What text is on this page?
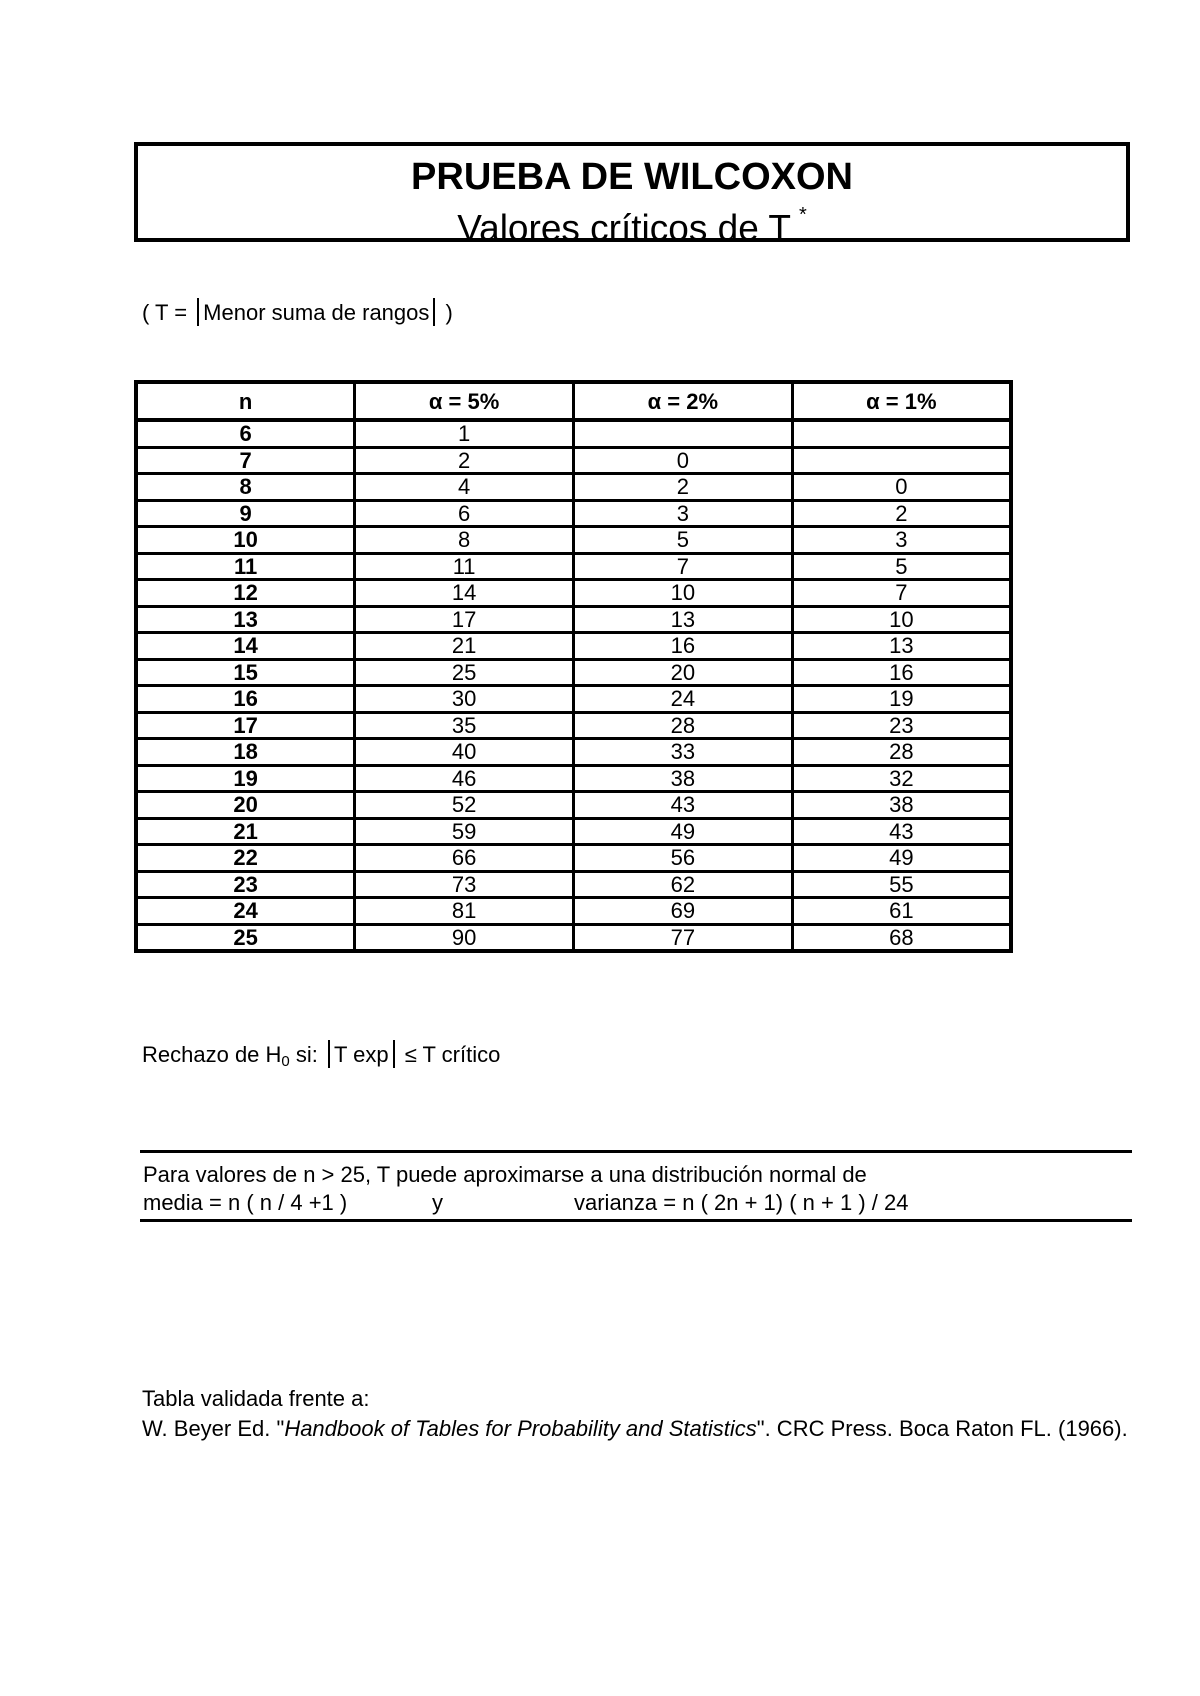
PRUEBA DE WILCOXON
Valores críticos de T *
( T = Menor suma de rangos )
n	α = 5%	α = 2%	α = 1%
6	1		
7	2	0	
8	4	2	0
9	6	3	2
10	8	5	3
11	11	7	5
12	14	10	7
13	17	13	10
14	21	16	13
15	25	20	16
16	30	24	19
17	35	28	23
18	40	33	28
19	46	38	32
20	52	43	38
21	59	49	43
22	66	56	49
23	73	62	55
24	81	69	61
25	90	77	68
Rechazo de $H_0$ si: T exp ≤ T crítico
Para valores de n > 25, T puede aproximarse a una distribución normal de
media = n ( n / 4 +1 )	y	varianza = n ( 2n + 1) ( n + 1 ) / 24
Tabla validada frente a:
W. Beyer Ed. "Handbook of Tables for Probability and Statistics". CRC Press. Boca Raton FL. (1966).
